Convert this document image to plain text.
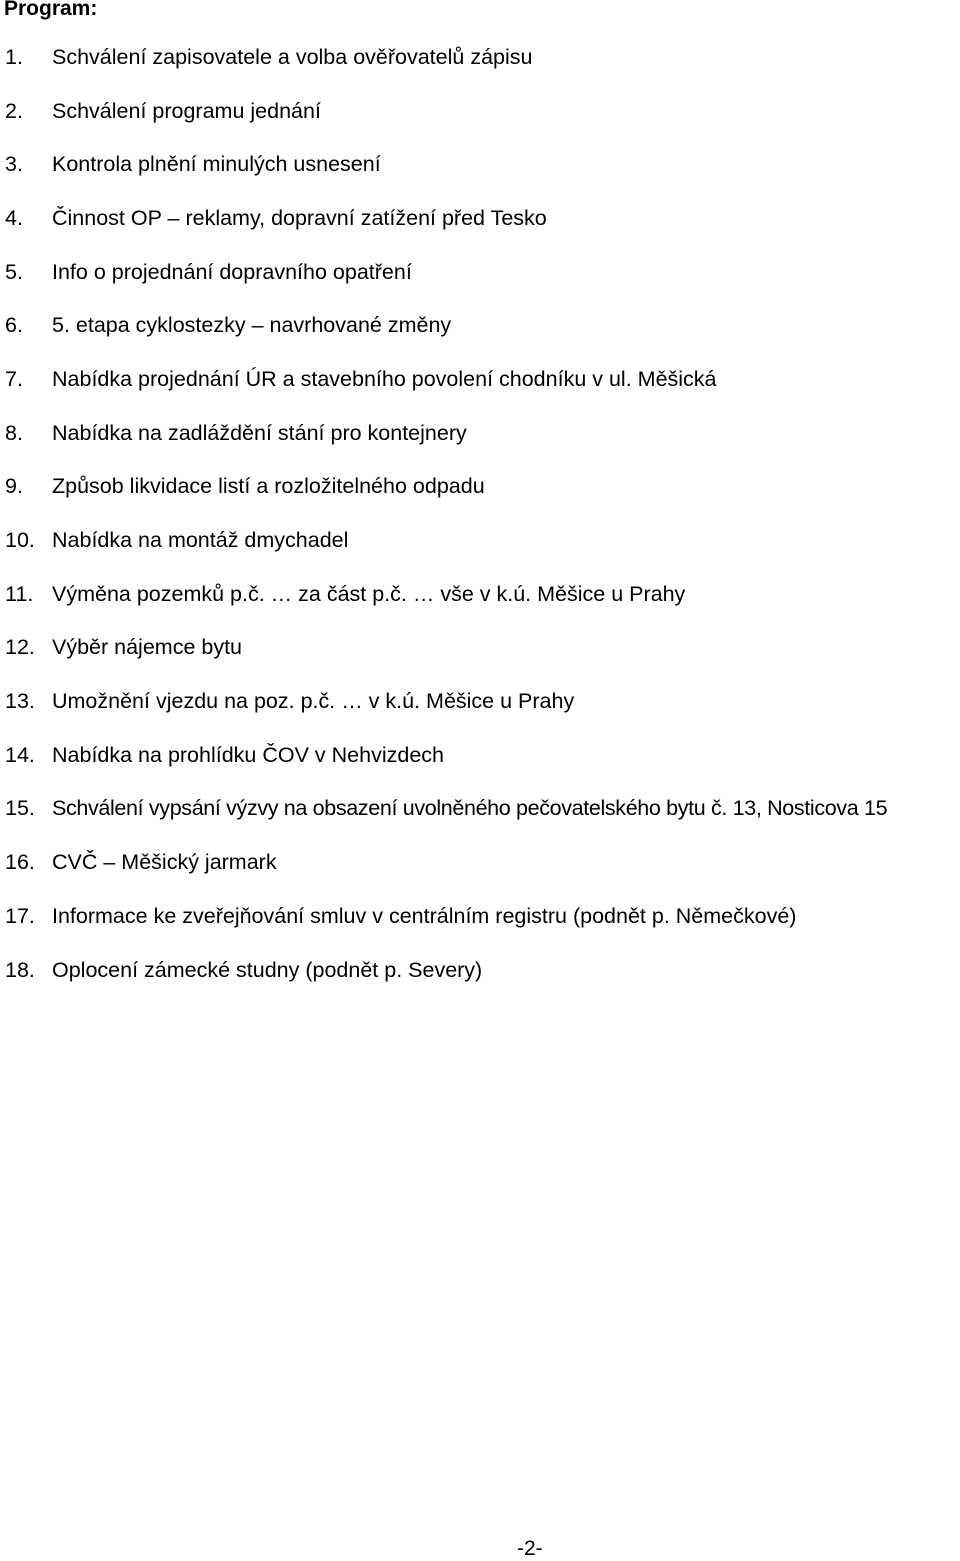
Program:
1.	Schválení zapisovatele a volba ověřovatelů zápisu
2.	Schválení programu jednání
3.	Kontrola plnění minulých usnesení
4.	Činnost OP – reklamy, dopravní zatížení před Tesko
5.	Info o projednání dopravního opatření
6.	5. etapa cyklostezky – navrhované změny
7.	Nabídka projednání ÚR a stavebního povolení chodníku v ul. Měšická
8.	Nabídka na zadláždění stání pro kontejnery
9.	Způsob likvidace listí a rozložitelného odpadu
10. Nabídka na montáž dmychadel
11. Výměna pozemků p.č. … za část p.č. … vše v k.ú. Měšice u Prahy
12. Výběr nájemce bytu
13. Umožnění vjezdu na poz. p.č. … v k.ú. Měšice u Prahy
14. Nabídka na prohlídku ČOV v Nehvizdech
15. Schválení vypsání výzvy na obsazení uvolněného pečovatelského bytu č. 13, Nosticova 15
16. CVČ – Měšický jarmark
17. Informace ke zveřejňování smluv v centrálním registru (podnět p. Němečkové)
18. Oplocení zámecké studny (podnět p. Severy)
-2-
